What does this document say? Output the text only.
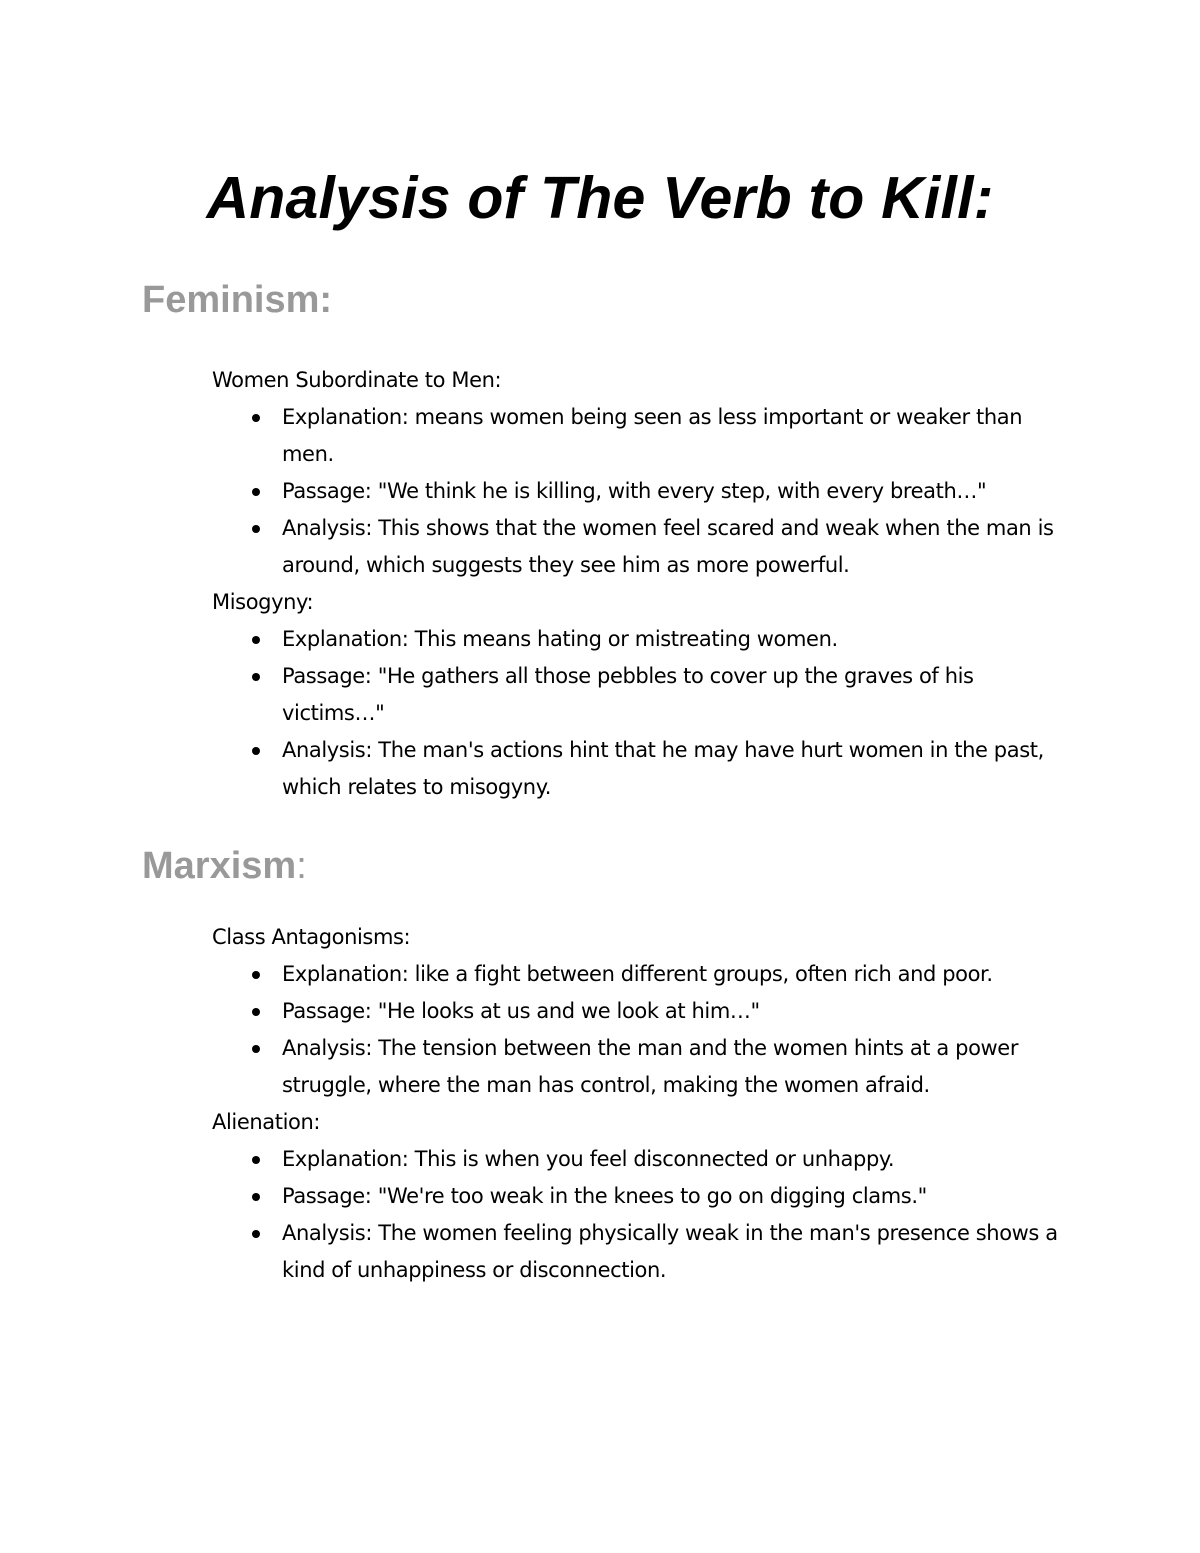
Analysis of The Verb to Kill:
Feminism:

Women Subordinate to Men:

Explanation: means women being seen as less important or weaker than men.
Passage: "We think he is killing, with every step, with every breath…"
Analysis: This shows that the women feel scared and weak when the man is around, which suggests they see him as more powerful.

Misogyny:

Explanation: This means hating or mistreating women.
Passage: "He gathers all those pebbles to cover up the graves of his victims…"
Analysis: The man's actions hint that he may have hurt women in the past, which relates to misogyny.
Marxism:

Class Antagonisms:

Explanation: like a fight between different groups, often rich and poor.
Passage: "He looks at us and we look at him…"
Analysis: The tension between the man and the women hints at a power struggle, where the man has control, making the women afraid.

Alienation:

Explanation: This is when you feel disconnected or unhappy.
Passage: "We're too weak in the knees to go on digging clams."
Analysis: The women feeling physically weak in the man's presence shows a kind of unhappiness or disconnection.
